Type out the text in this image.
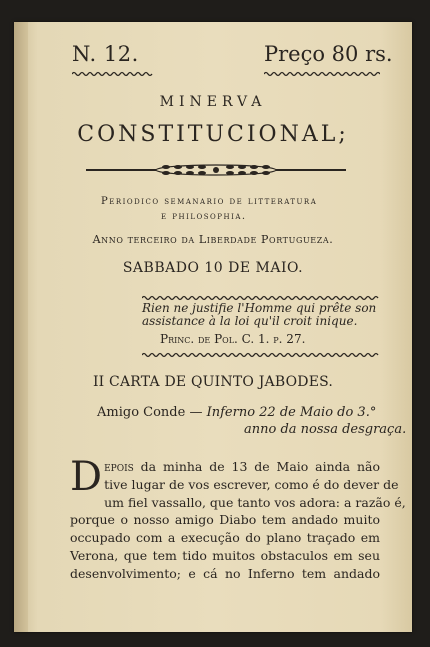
N. 12.	Preço 80 rs.
MINERVA
CONSTITUCIONAL;
Periodico semanario de litteratura
e philosophia.
Anno terceiro da Liberdade Portugueza.
SABBADO 10 DE MAIO.
Rien ne justifie l'Homme qui prête son
assistance à la loi qu'il croit inique.
Princ. de Pol. C. 1. p. 27.
II CARTA DE QUINTO JABODES.
Amigo Conde — Inferno 22 de Maio do 3.°
anno da nossa desgraça.
D epois da minha de 13 de Maio ainda não
tive lugar de vos escrever, como é do dever de
um fiel vassallo, que tanto vos adora: a razão é,
porque o nosso amigo Diabo tem andado muito
occupado com a execução do plano traçado em
Verona, que tem tido muitos obstaculos em seu
desenvolvimento; e cá no Inferno tem andado
